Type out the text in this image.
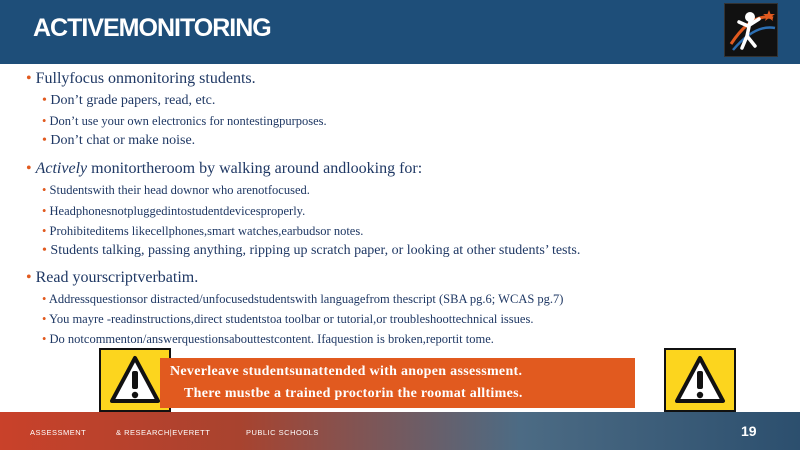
ACTIVEMONITORING
• Fullyfocus onmonitoring students.
• Don’t grade papers, read, etc.
• Don’t use your own electronics for nontestingpurposes.
• Don’t chat or make noise.
• Actively monitortheroom by walking around andlooking for:
• Studentswith their head downor who arenotfocused.
• Headphonesnotpluggedintostudentdevicesproperly.
• Prohibiteditems likecellphones,smart watches,earbudsor notes.
• Students talking, passing anything, ripping up scratch paper, or looking at other students’ tests.
• Read yourscriptverbatim.
• Addressquestionsor distracted/unfocusedstudentswith languagefrom thescript (SBA pg.6; WCAS pg.7)
• You mayre -readinstructions,direct studentstoa toolbar or tutorial,or troubleshoottechnical issues.
• Do notcommenton/answerquestionsabouttestcontent. Ifaquestion is broken,reportit tome.
Neverleave studentsunattended with anopen assessment.
There mustbe a trained proctorin the roomat alltimes.
ASSESSMENT	& RESEARCH|EVERETT	PUBLIC SCHOOLS	19
